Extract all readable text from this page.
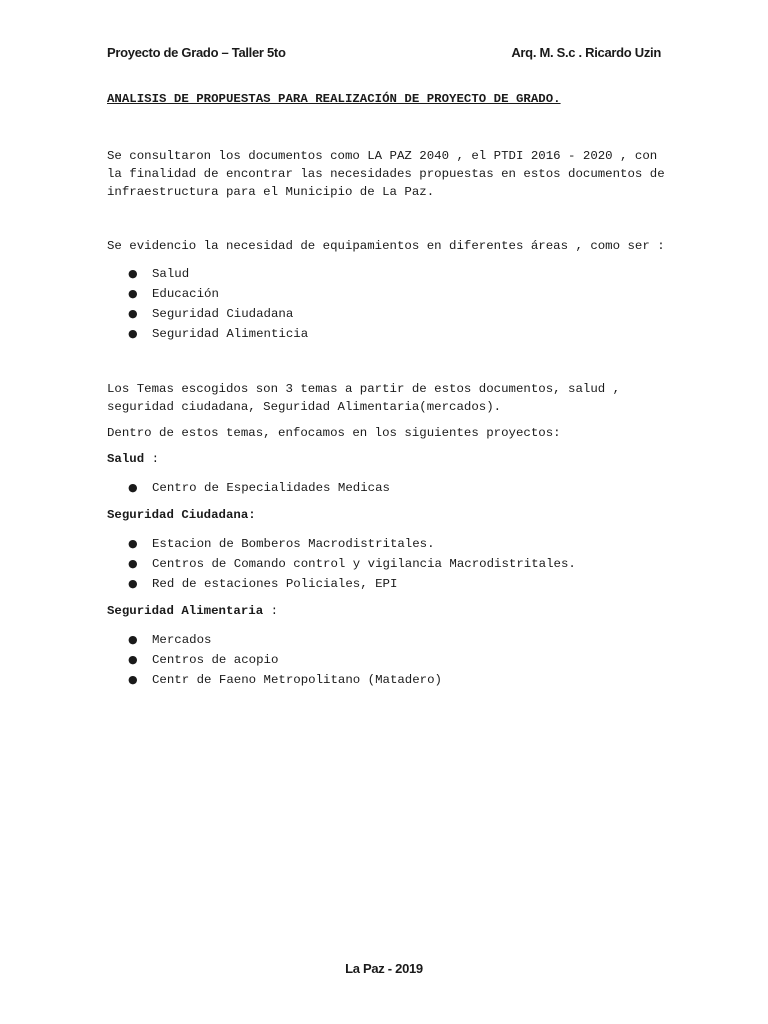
Proyecto de Grado – Taller 5to	Arq. M. S.c . Ricardo Uzin

ANALISIS DE PROPUESTAS PARA REALIZACIÓN DE PROYECTO DE GRADO.

Se consultaron los documentos como LA PAZ 2040 , el PTDI 2016 - 2020 , con la finalidad de encontrar las necesidades propuestas en estos documentos de infraestructura para el Municipio de La Paz.

Se evidencio la necesidad de equipamientos en diferentes áreas , como ser :

● Salud
● Educación
● Seguridad Ciudadana
● Seguridad Alimenticia

Los Temas escogidos son 3 temas a partir de estos documentos, salud , seguridad ciudadana, Seguridad Alimentaria(mercados).

Dentro de estos temas, enfocamos en los siguientes proyectos:

Salud :
● Centro de Especialidades Medicas
Seguridad Ciudadana:
● Estacion de Bomberos Macrodistritales.
● Centros de Comando control y vigilancia Macrodistritales.
● Red de estaciones Policiales, EPI
Seguridad Alimentaria :
● Mercados
● Centros de acopio
● Centr de Faeno Metropolitano (Matadero)
La Paz - 2019
